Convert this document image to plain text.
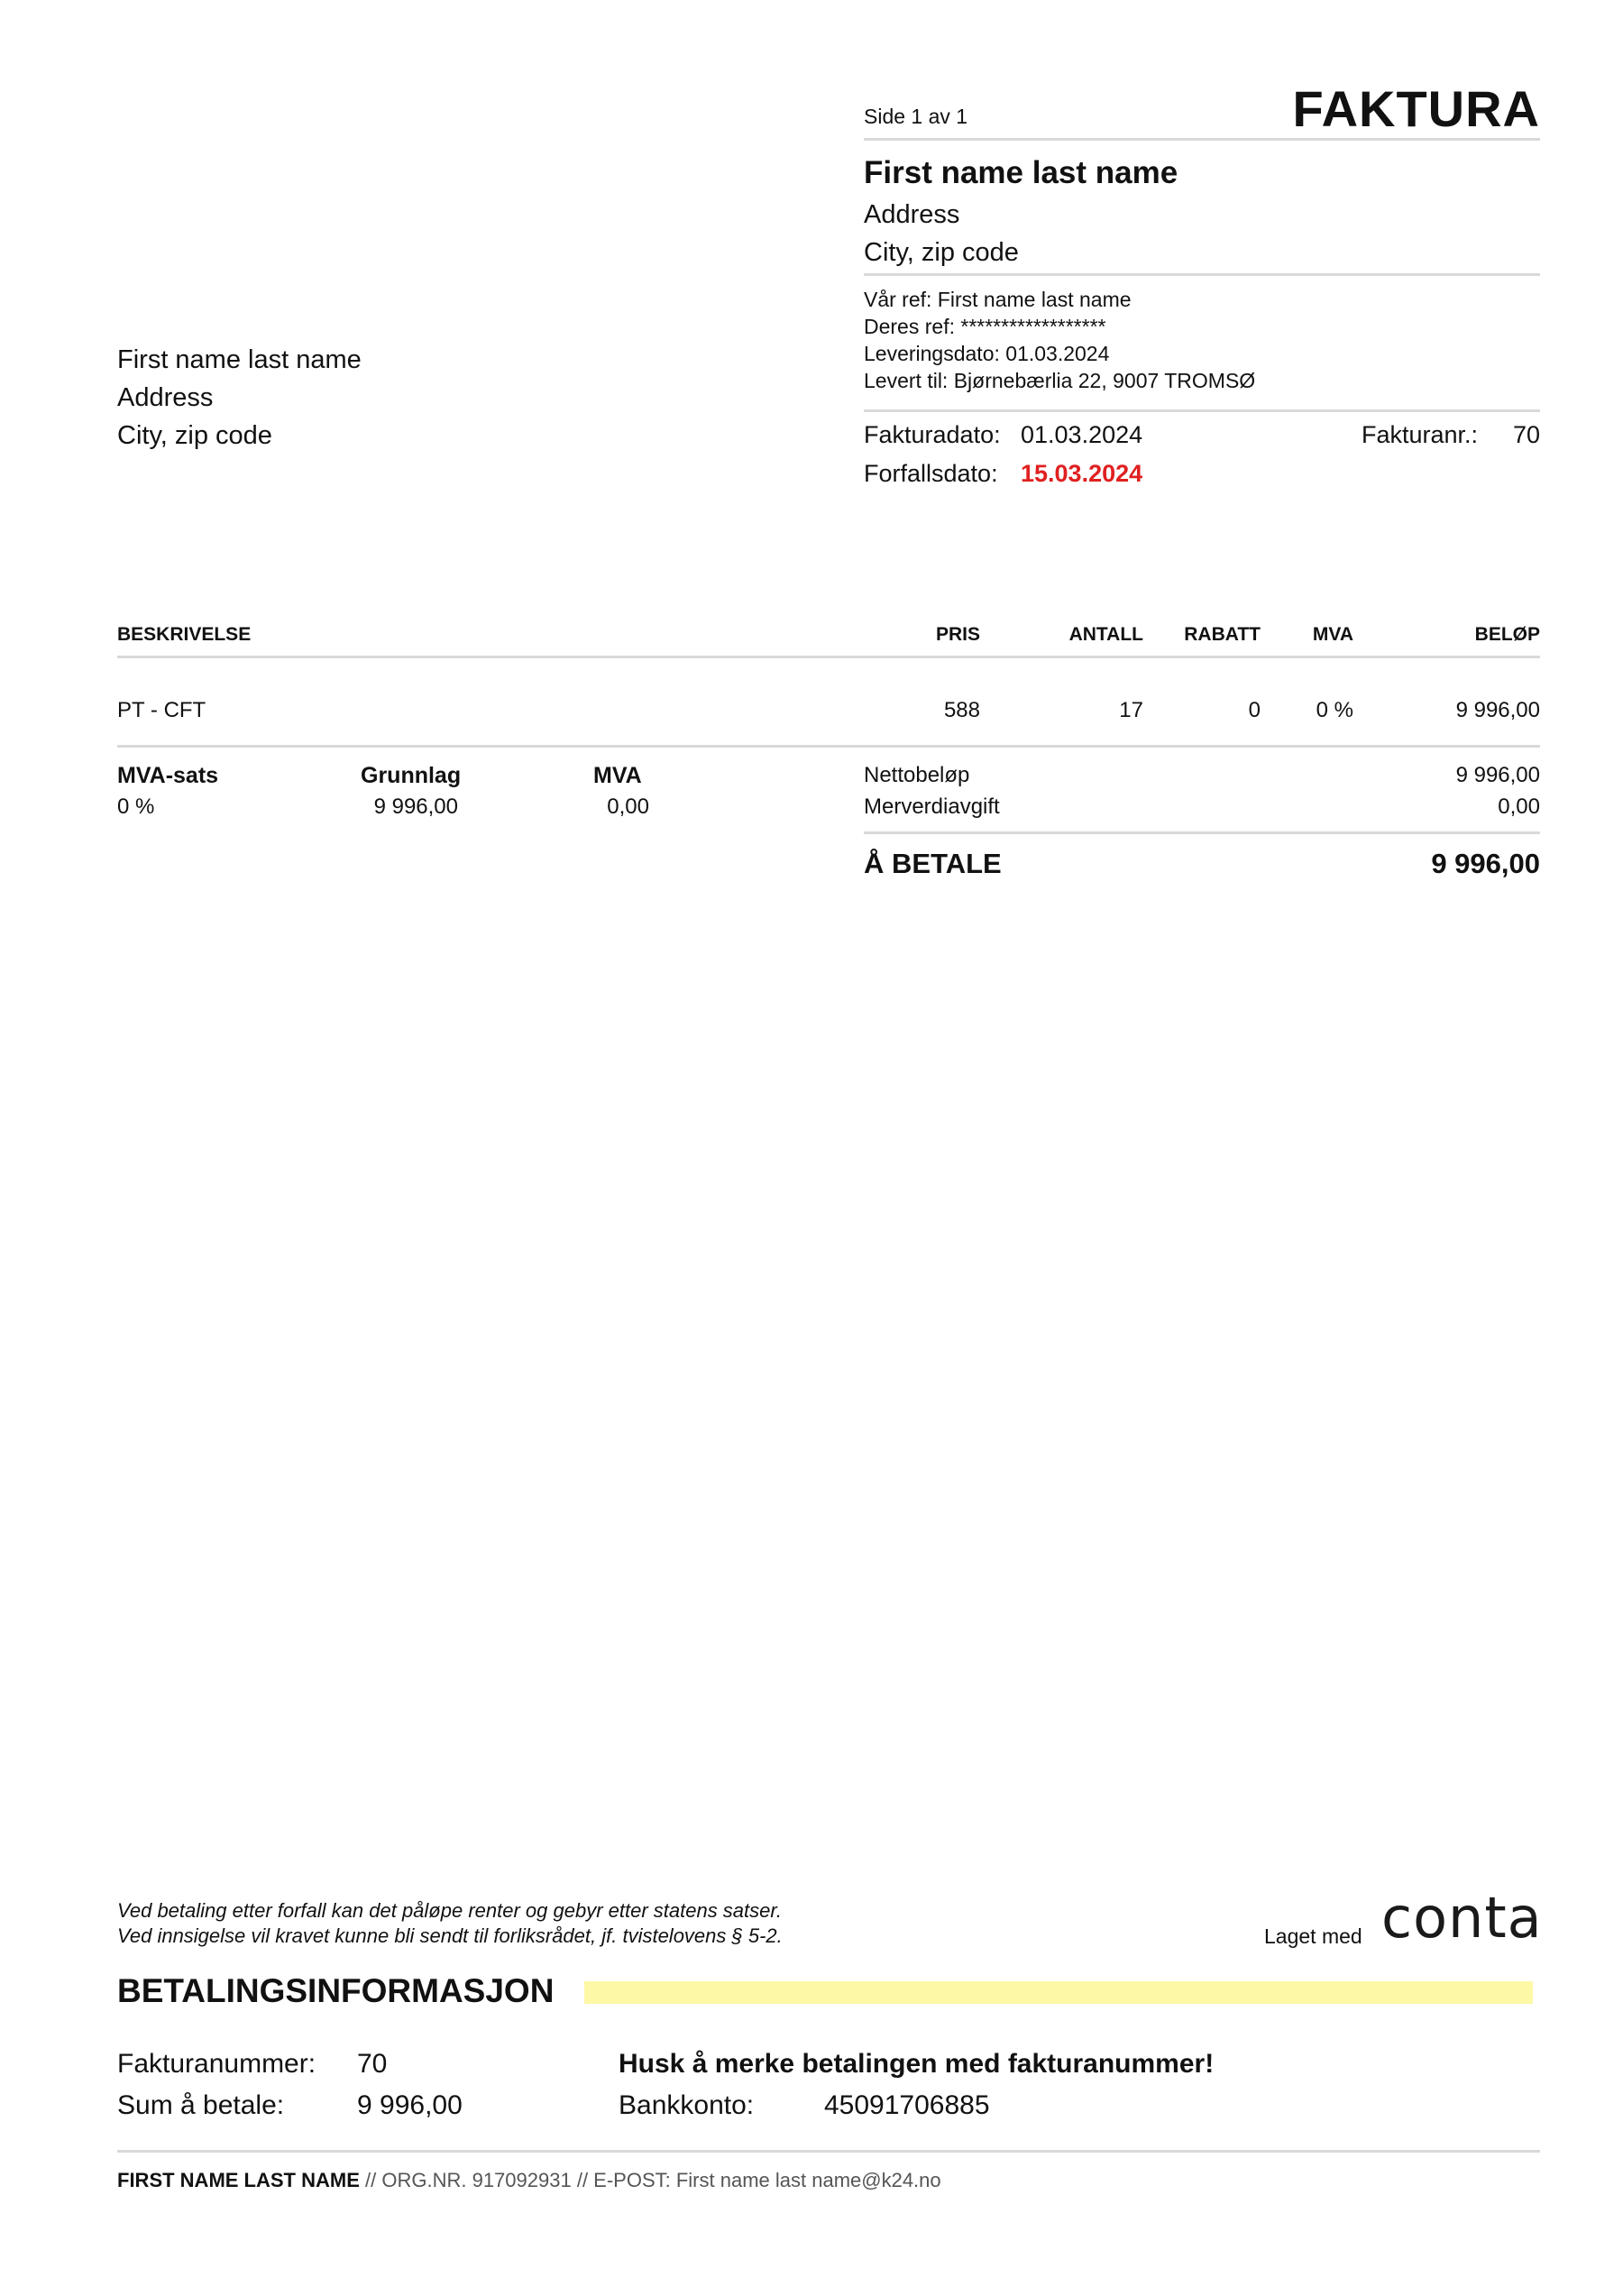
Side 1 av 1	FAKTURA
First name last name
Address
City, zip code
Vår ref: First name last name
Deres ref: ******************
Leveringsdato: 01.03.2024
Levert til: Bjørnebærlia 22, 9007 TROMSØ
First name last name
Address
City, zip code	Fakturadato: 01.03.2024
Forfallsdato: 15.03.2024
Fakturanr.: 70
BESKRIVELSE	PRIS	ANTALL RABATT	MVA	BELØP
PT - CFT	588	17	0	0 %	9 996,00
MVA-sats	Grunnlag	MVA
0 %	9 996,00	0,00
Nettobeløp	9 996,00
Merverdiavgift	0,00
Å BETALE	9 996,00
Ved betaling etter forfall kan det påløpe renter og gebyr etter statens satser.
Ved innsigelse vil kravet kunne bli sendt til forliksrådet, jf. tvistelovens § 5-2.	Laget med conta
BETALINGSINFORMASJON
Fakturanummer: 70
Sum å betale:	9 996,00
Husk å merke betalingen med fakturanummer!
Bankkonto:	45091706885
FIRST NAME LAST NAME // ORG.NR. 917092931 // E-POST: First name last name@k24.no
